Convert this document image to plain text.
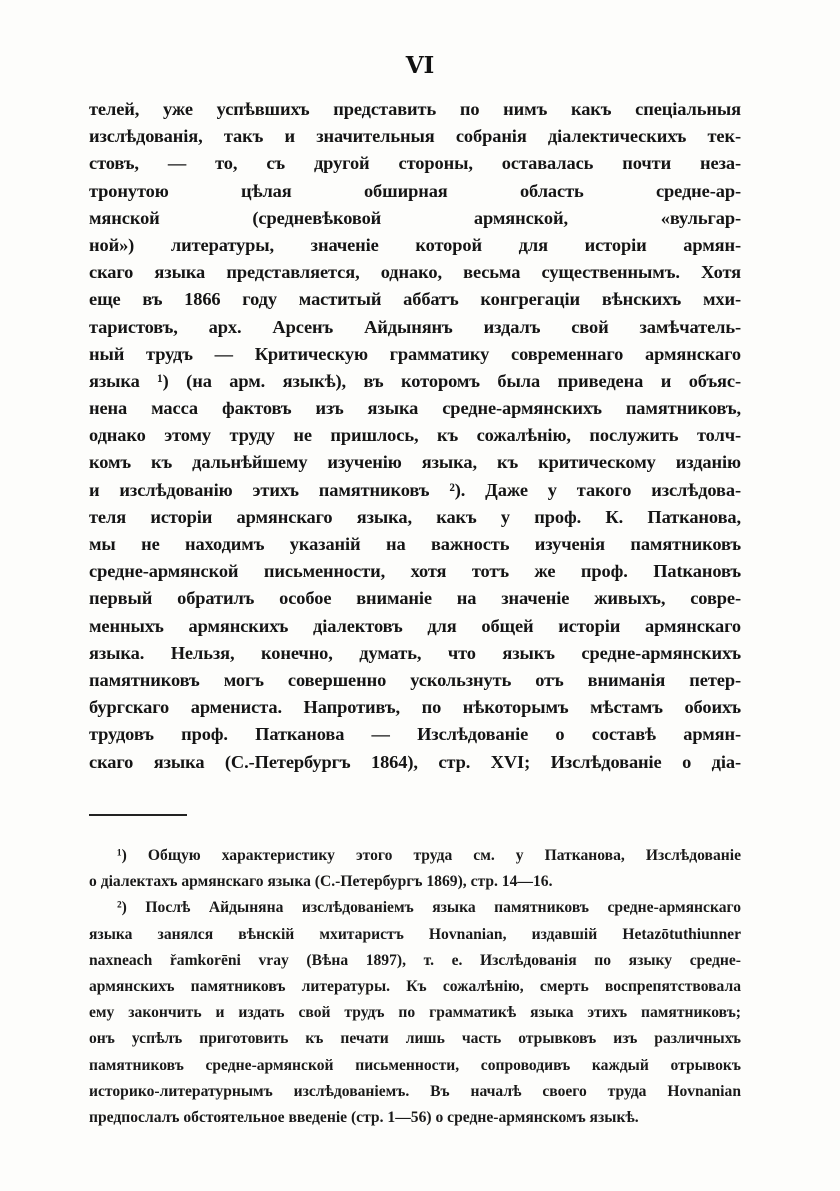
VI
телей, уже успѣвшихъ представить по нимъ какъ спеціальныя
изслѣдованія, такъ и значительныя собранія діалектическихъ тек-
стовъ, — то, съ другой стороны, оставалась почти неза-
тронутою цѣлая обширная область средне-ар-
мянской (средневѣковой армянской, «вульгар-
ной») литературы, значеніе которой для исторіи армян-
скаго языка представляется, однако, весьма существеннымъ. Хотя
еще въ 1866 году маститый аббатъ конгрегаціи вѣнскихъ мхи-
таристовъ, арх. Арсенъ Айдынянъ издалъ свой замѣчатель-
ный трудъ — Критическую грамматику современнаго армянскаго
языка ¹) (на арм. языкѣ), въ которомъ была приведена и объяс-
нена масса фактовъ изъ языка средне-армянскихъ памятниковъ,
однако этому труду не пришлось, къ сожалѣнію, послужить толч-
комъ къ дальнѣйшему изученію языка, къ критическому изданію
и изслѣдованію этихъ памятниковъ ²). Даже у такого изслѣдова-
теля исторіи армянскаго языка, какъ у проф. К. Патканова,
мы не находимъ указаній на важность изученія памятниковъ
средне-армянской письменности, хотя тотъ же проф. Пatкановъ
первый обратилъ особое вниманіе на значеніе живыхъ, совре-
менныхъ армянскихъ діалектовъ для общей исторіи армянскаго
языка. Нельзя, конечно, думать, что языкъ средне-армянскихъ
памятниковъ могъ совершенно ускользнуть отъ вниманія петер-
бургскаго армениста. Напротивъ, по нѣкоторымъ мѣстамъ обоихъ
трудовъ проф. Патканова — Изслѣдованіе о составѣ армян-
скаго языка (С.-Петербургъ 1864), стр. XVI; Изслѣдованіе о діа-
¹) Общую характеристику этого труда см. у Патканова, Изслѣдованіе
о діалектахъ армянскаго языка (С.-Петербургъ 1869), стр. 14—16.
²) Послѣ Айдыняна изслѣдованіемъ языка памятниковъ средне-армянскаго
языка занялся вѣнскій мхитаристъ Hovnanian, издавшій Hetazōtuthiunner
naxneach řamkorēni vray (Вѣна 1897), т. е. Изслѣдованія по языку средне-
армянскихъ памятниковъ литературы. Къ сожалѣнію, смерть воспрепятствовала
ему закончить и издать свой трудъ по грамматикѣ языка этихъ памятниковъ;
онъ успѣлъ приготовить къ печати лишь часть отрывковъ изъ различныхъ
памятниковъ средне-армянской письменности, сопроводивъ каждый отрывокъ
историко-литературнымъ изслѣдованіемъ. Въ началѣ своего труда Hovnanian
предпослалъ обстоятельное введеніе (стр. 1—56) о средне-армянскомъ языкѣ.
